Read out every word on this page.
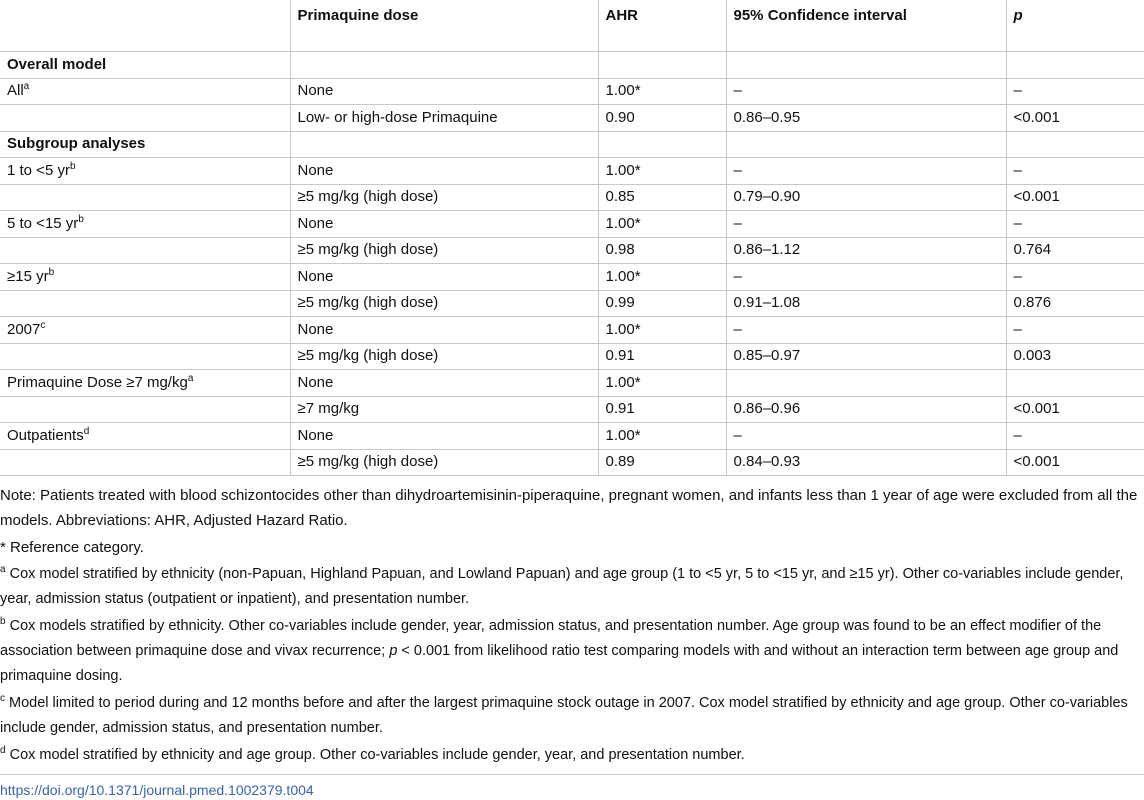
	Primaquine dose	AHR	95% Confidence interval	p
Overall model				
All$^a$	None	1.00*	–	–
	Low- or high-dose Primaquine	0.90	0.86–0.95	<0.001
Subgroup analyses				
1 to <5 $yr^b$	None	1.00*	–	–
	≥5 mg/kg (high dose)	0.85	0.79–0.90	<0.001
5 to <15 $yr^b$	None	1.00*	–	–
	≥5 mg/kg (high dose)	0.98	0.86–1.12	0.764
≥15 $yr^b$	None	1.00*	–	–
	≥5 mg/kg (high dose)	0.99	0.91–1.08	0.876
2007$^c$	None	1.00*	–	–
	≥5 mg/kg (high dose)	0.91	0.85–0.97	0.003
Primaquine Dose ≥7 $mg/kg^a$	None	1.00*		
	≥7 mg/kg	0.91	0.86–0.96	<0.001
Outpatients$^d$	None	1.00*	–	–
	≥5 mg/kg (high dose)	0.89	0.84–0.93	<0.001
Note: Patients treated with blood schizontocides other than dihydroartemisinin-piperaquine, pregnant women, and infants less than 1 year of age were excluded from all the models. Abbreviations: AHR, Adjusted Hazard Ratio.
* Reference category.
$^a$ Cox model stratified by ethnicity (non-Papuan, Highland Papuan, and Lowland Papuan) and age group (1 to <5 yr, 5 to <15 yr, and ≥15 yr). Other co-variables include gender, year, admission status (outpatient or inpatient), and presentation number.
$^b$ Cox models stratified by ethnicity. Other co-variables include gender, year, admission status, and presentation number. Age group was found to be an effect modifier of the association between primaquine dose and vivax recurrence; p < 0.001 from likelihood ratio test comparing models with and without an interaction term between age group and primaquine dosing.
$^c$ Model limited to period during and 12 months before and after the largest primaquine stock outage in 2007. Cox model stratified by ethnicity and age group. Other co-variables include gender, admission status, and presentation number.
$^d$ Cox model stratified by ethnicity and age group. Other co-variables include gender, year, and presentation number.
https://doi.org/10.1371/journal.pmed.1002379.t004
